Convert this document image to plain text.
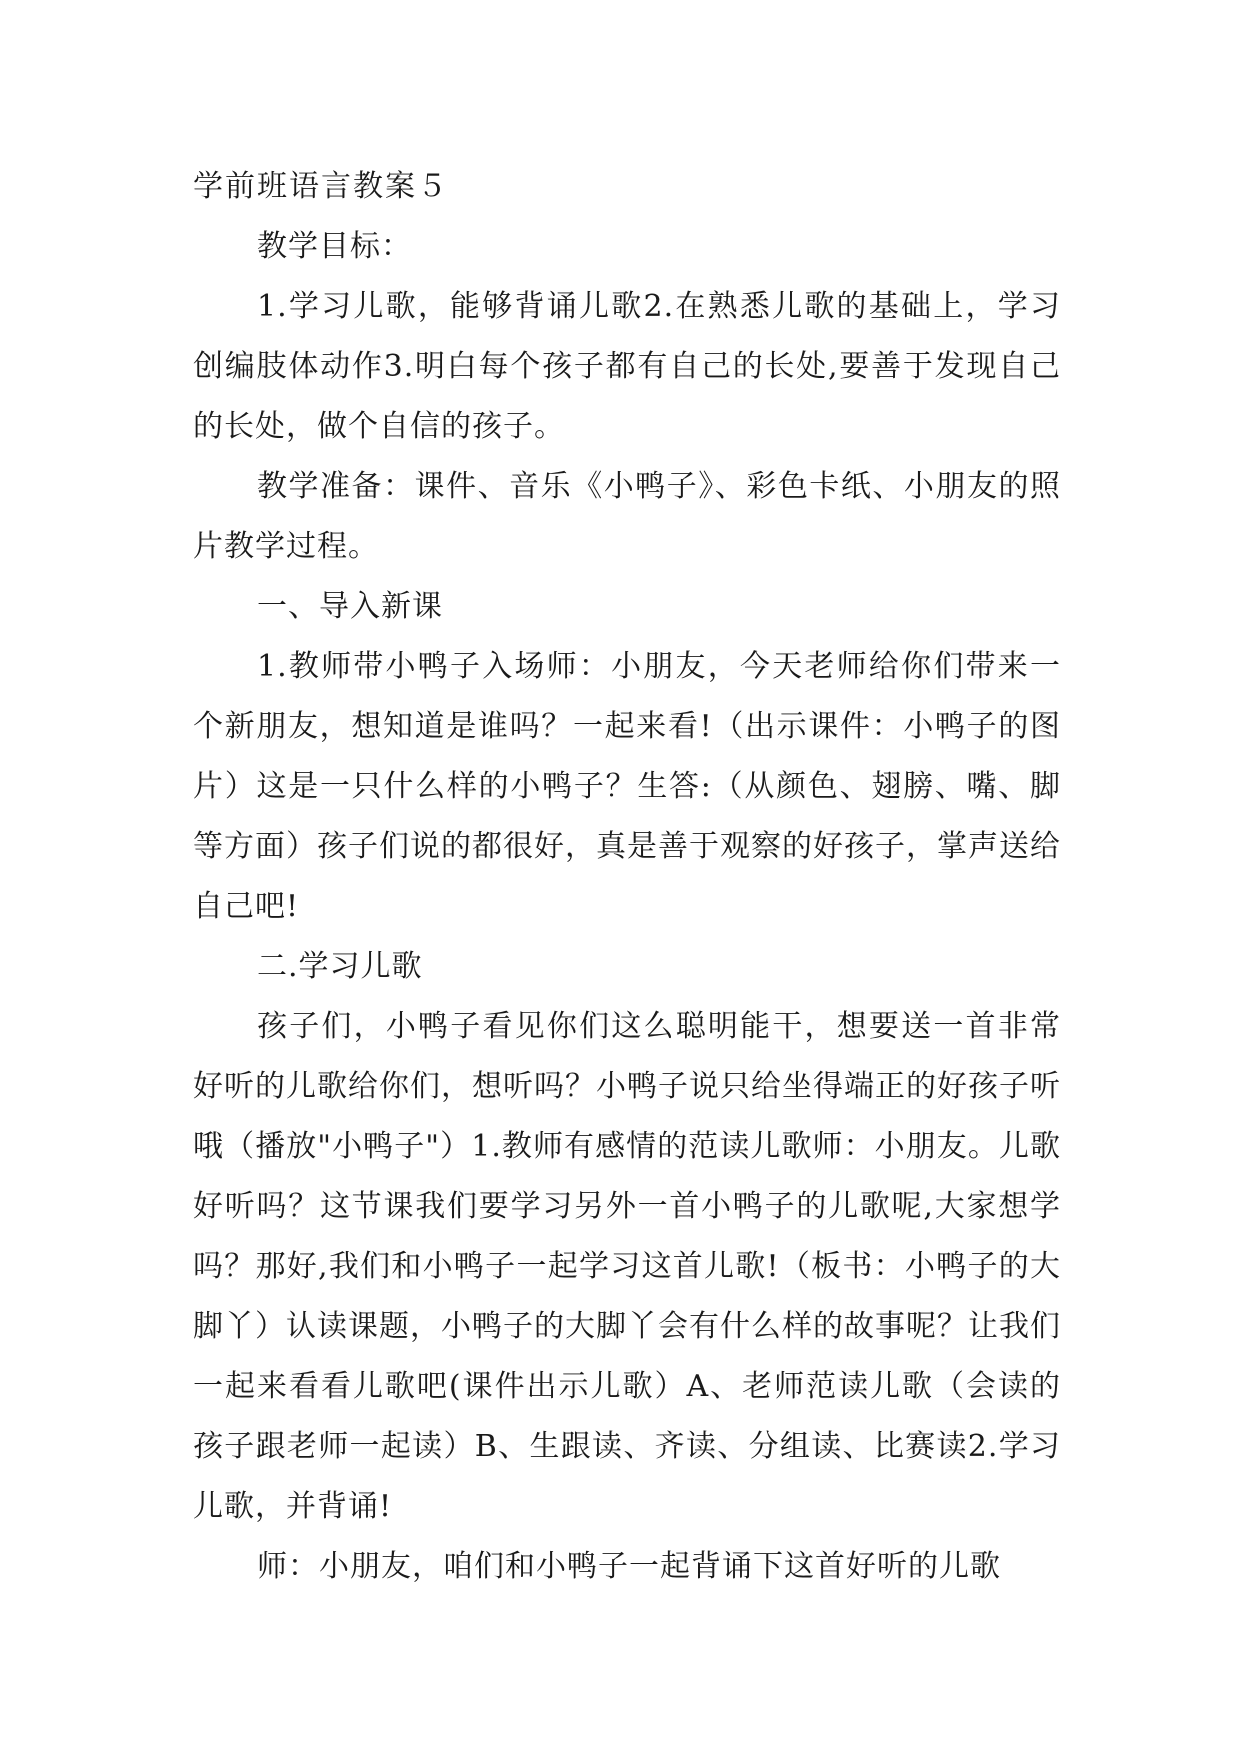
学前班语言教案５

教学目标：

1.学习儿歌，能够背诵儿歌2.在熟悉儿歌的基础上，学习创编肢体动作3.明白每个孩子都有自己的长处,要善于发现自己的长处，做个自信的孩子。

教学准备：课件、音乐《小鸭子》、彩色卡纸、小朋友的照片教学过程。

一、导入新课

1.教师带小鸭子入场师：小朋友，今天老师给你们带来一个新朋友，想知道是谁吗？一起来看!（出示课件：小鸭子的图片）这是一只什么样的小鸭子？生答:（从颜色、翅膀、嘴、脚等方面）孩子们说的都很好，真是善于观察的好孩子，掌声送给自己吧!

二.学习儿歌

孩子们，小鸭子看见你们这么聪明能干，想要送一首非常好听的儿歌给你们，想听吗？小鸭子说只给坐得端正的好孩子听哦（播放"小鸭子"）1.教师有感情的范读儿歌师：小朋友。儿歌好听吗？这节课我们要学习另外一首小鸭子的儿歌呢,大家想学吗？那好,我们和小鸭子一起学习这首儿歌!（板书：小鸭子的大脚丫）认读课题，小鸭子的大脚丫会有什么样的故事呢？让我们一起来看看儿歌吧(课件出示儿歌）A、老师范读儿歌（会读的孩子跟老师一起读）B、生跟读、齐读、分组读、比赛读2.学习儿歌，并背诵!

师：小朋友，咱们和小鸭子一起背诵下这首好听的儿歌
